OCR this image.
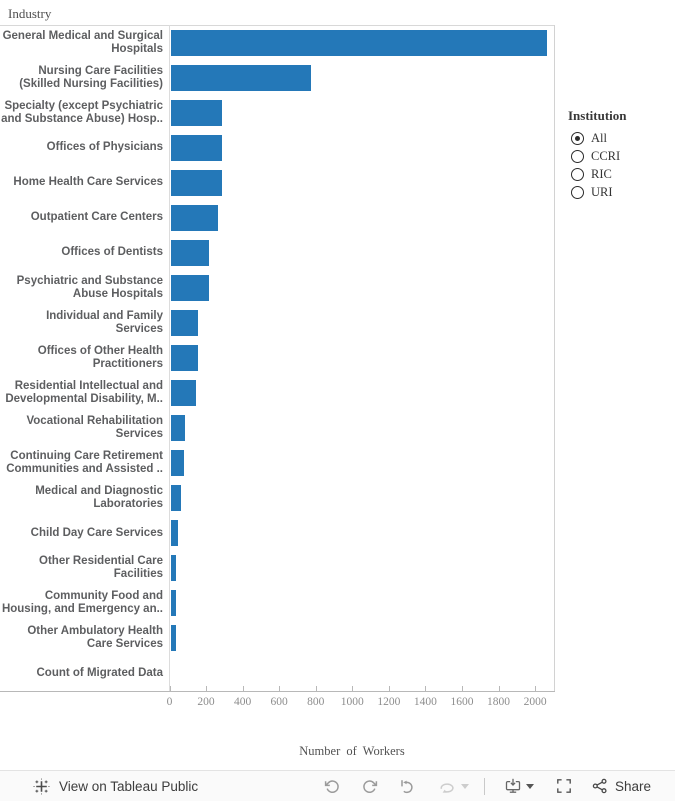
Industry
General Medical and Surgical Hospitals
Nursing Care Facilities (Skilled Nursing Facilities)
Specialty (except Psychiatric and Substance Abuse) Hosp..
Offices of Physicians
Home Health Care Services
Outpatient Care Centers
Offices of Dentists
Psychiatric and Substance Abuse Hospitals
Individual and Family Services
Offices of Other Health Practitioners
Residential Intellectual and Developmental Disability, M..
Vocational Rehabilitation Services
Continuing Care Retirement Communities and Assisted ..
Medical and Diagnostic Laboratories
Child Day Care Services
Other Residential Care Facilities
Community Food and Housing, and Emergency an..
Other Ambulatory Health Care Services
Count of Migrated Data
0	200	400	600	800	1000	1200	1400	1600	1800	2000
Number of Workers
Institution
All
CCRI
RIC
URI
View on Tableau Public	Share
